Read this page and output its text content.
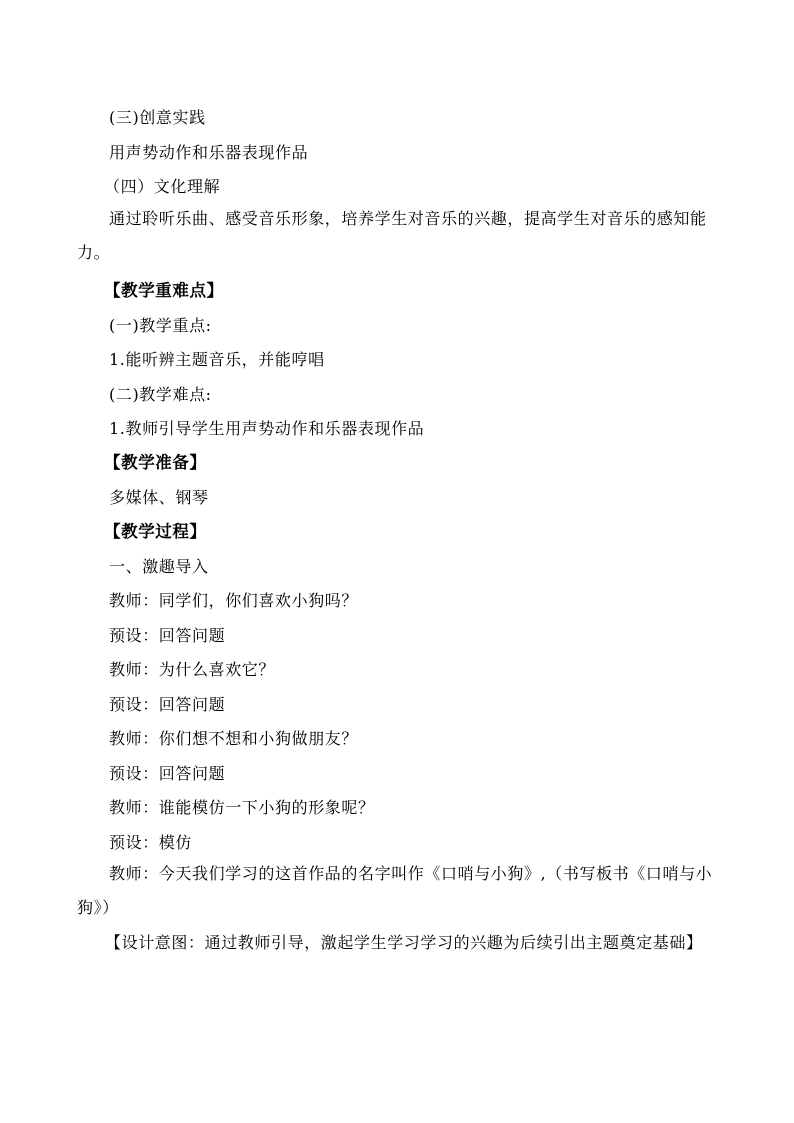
(三)创意实践
用声势动作和乐器表现作品
（四）文化理解
通过聆听乐曲、感受音乐形象，培养学生对音乐的兴趣，提高学生对音乐的感知能力。
【教学重难点】
(一)教学重点:
1.能听辨主题音乐，并能哼唱
(二)教学难点:
1.教师引导学生用声势动作和乐器表现作品
【教学准备】
多媒体、钢琴
【教学过程】
一、激趣导入
教师：同学们，你们喜欢小狗吗？
预设：回答问题
教师：为什么喜欢它？
预设：回答问题
教师：你们想不想和小狗做朋友？
预设：回答问题
教师：谁能模仿一下小狗的形象呢？
预设：模仿
教师：今天我们学习的这首作品的名字叫作《口哨与小狗》,（书写板书《口哨与小狗》）
【设计意图：通过教师引导，激起学生学习学习的兴趣为后续引出主题奠定基础】
